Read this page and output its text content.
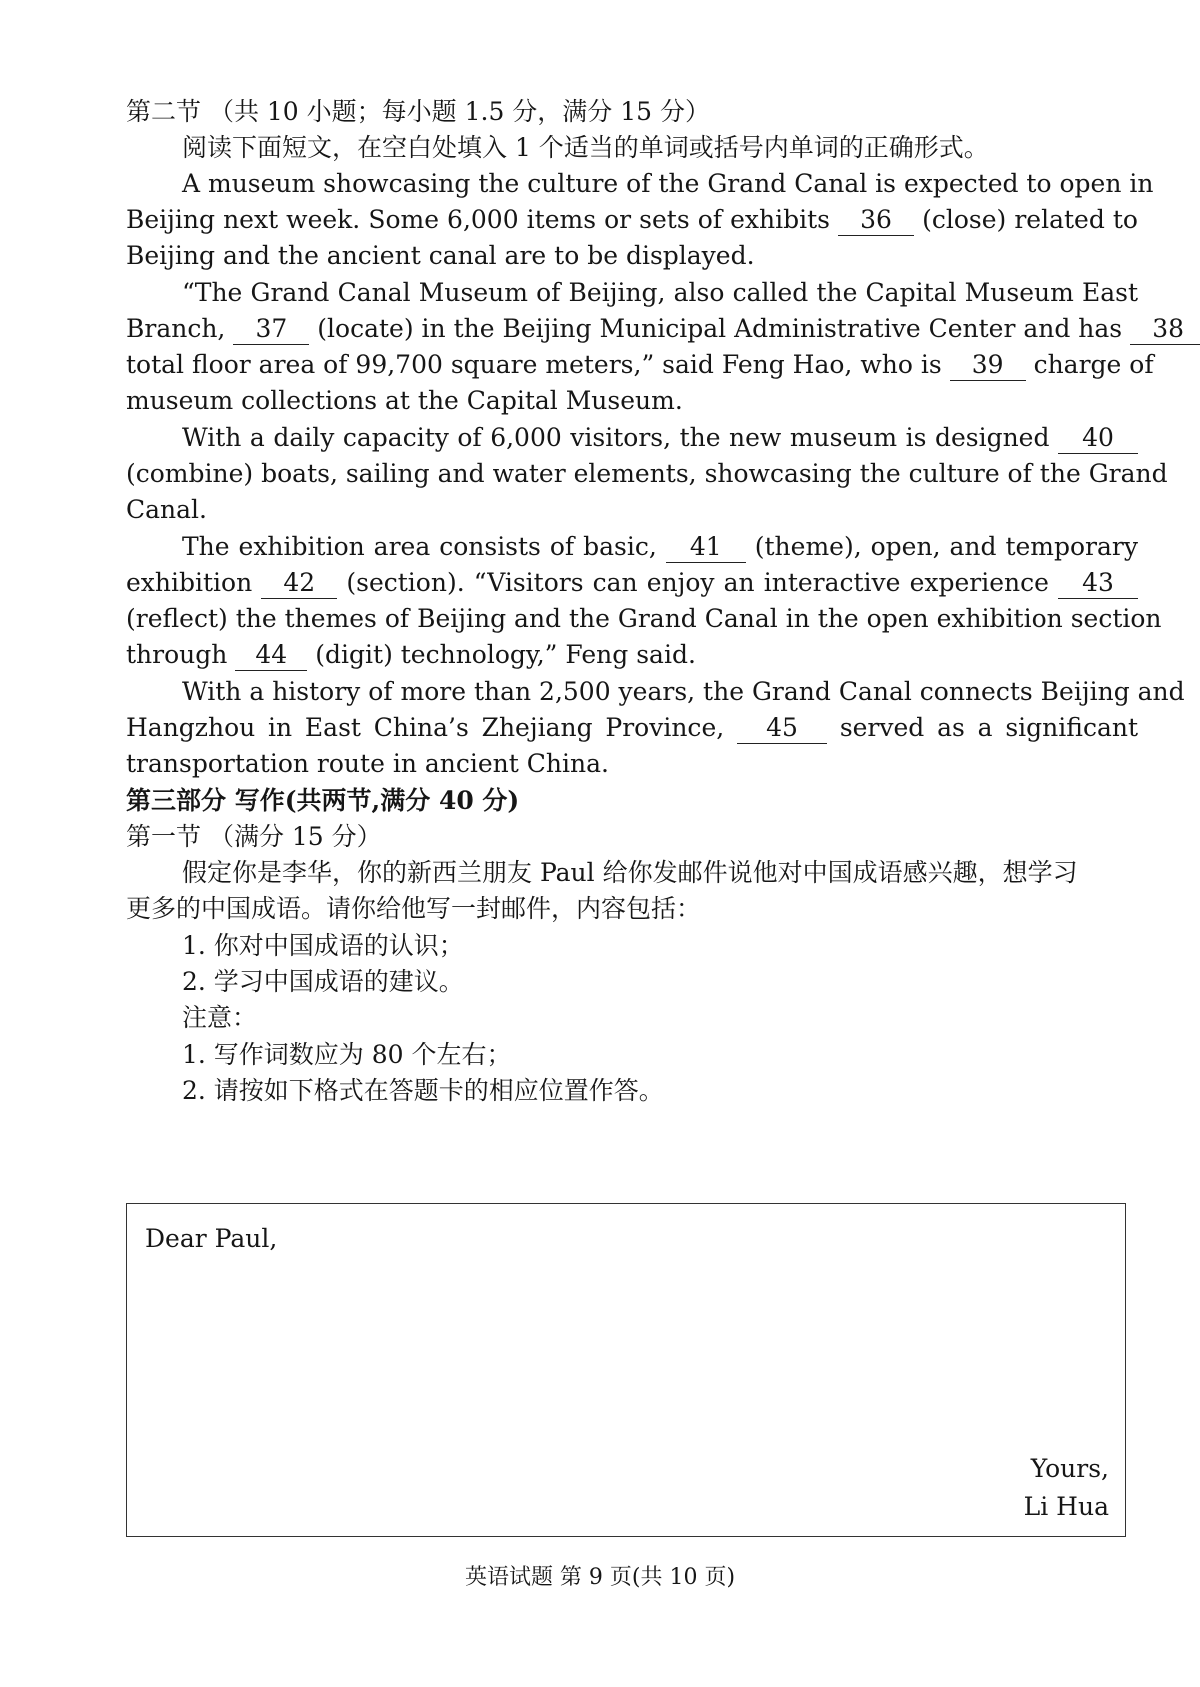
第二节 （共 10 小题；每小题 1.5 分，满分 15 分）
阅读下面短文，在空白处填入 1 个适当的单词或括号内单词的正确形式。
A museum showcasing the culture of the Grand Canal is expected to open in
Beijing next week. Some 6,000 items or sets of exhibits 36 (close) related to
Beijing and the ancient canal are to be displayed.
“The Grand Canal Museum of Beijing, also called the Capital Museum East
Branch, 37 (locate) in the Beijing Municipal Administrative Center and has 38
total floor area of 99,700 square meters,” said Feng Hao, who is 39 charge of
museum collections at the Capital Museum.
With a daily capacity of 6,000 visitors, the new museum is designed 40
(combine) boats, sailing and water elements, showcasing the culture of the Grand
Canal.
The exhibition area consists of basic, 41 (theme), open, and temporary
exhibition 42 (section). “Visitors can enjoy an interactive experience 43
(reflect) the themes of Beijing and the Grand Canal in the open exhibition section
through 44 (digit) technology,” Feng said.
With a history of more than 2,500 years, the Grand Canal connects Beijing and
Hangzhou in East China’s Zhejiang Province, 45 served as a significant
transportation route in ancient China.
第三部分 写作(共两节,满分 40 分)
第一节 （满分 15 分）
假定你是李华，你的新西兰朋友 Paul 给你发邮件说他对中国成语感兴趣，想学习
更多的中国成语。请你给他写一封邮件，内容包括：
1. 你对中国成语的认识；
2. 学习中国成语的建议。
注意：
1. 写作词数应为 80 个左右；
2. 请按如下格式在答题卡的相应位置作答。
Dear Paul,
Yours,
Li Hua
英语试题 第 9 页(共 10 页)
